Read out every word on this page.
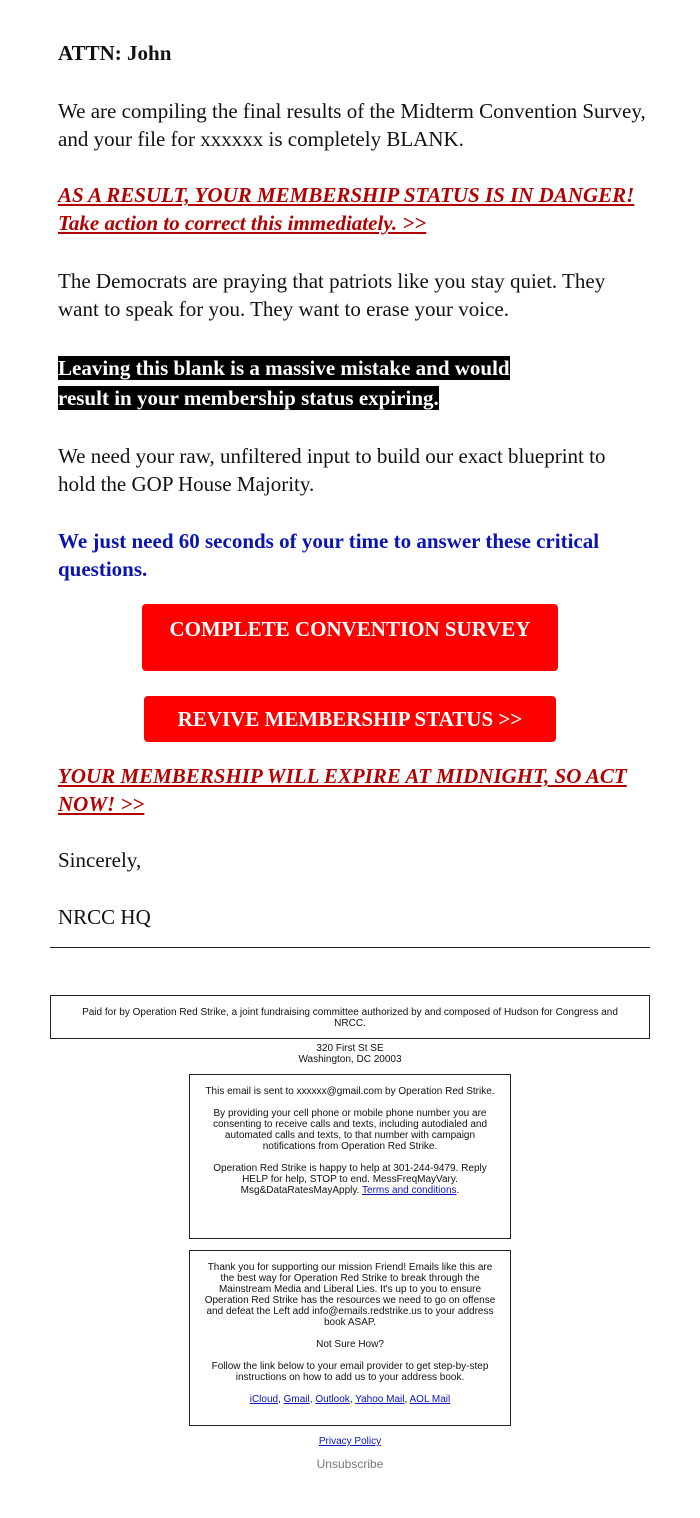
ATTN: John

We are compiling the final results of the Midterm Convention Survey, and your file for xxxxxx is completely BLANK.

AS A RESULT, YOUR MEMBERSHIP STATUS IS IN DANGER! Take action to correct this immediately. >>

The Democrats are praying that patriots like you stay quiet. They want to speak for you. They want to erase your voice.

Leaving this blank is a massive mistake and would
result in your membership status expiring.

We need your raw, unfiltered input to build our exact blueprint to hold the GOP House Majority.

We just need 60 seconds of your time to answer these critical questions.

COMPLETE CONVENTION SURVEY
REVIVE MEMBERSHIP STATUS >>

YOUR MEMBERSHIP WILL EXPIRE AT MIDNIGHT, SO ACT NOW! >>

Sincerely,

NRCC HQ

Paid for by Operation Red Strike, a joint fundraising committee authorized by and composed of Hudson for Congress and NRCC.
320 First St SE
Washington, DC 20003
This email is sent to xxxxxx@gmail.com by Operation Red Strike.
By providing your cell phone or mobile phone number you are consenting to receive calls and texts, including autodialed and automated calls and texts, to that number with campaign notifications from Operation Red Strike.
Operation Red Strike is happy to help at 301-244-9479. Reply HELP for help, STOP to end. MessFreqMayVary. Msg&DataRatesMayApply. Terms and conditions.
Thank you for supporting our mission Friend! Emails like this are the best way for Operation Red Strike to break through the Mainstream Media and Liberal Lies. It's up to you to ensure Operation Red Strike has the resources we need to go on offense and defeat the Left add info@emails.redstrike.us to your address book ASAP.
Not Sure How?
Follow the link below to your email provider to get step-by-step instructions on how to add us to your address book.
iCloud, Gmail, Outlook, Yahoo Mail, AOL Mail
Privacy Policy
Unsubscribe
